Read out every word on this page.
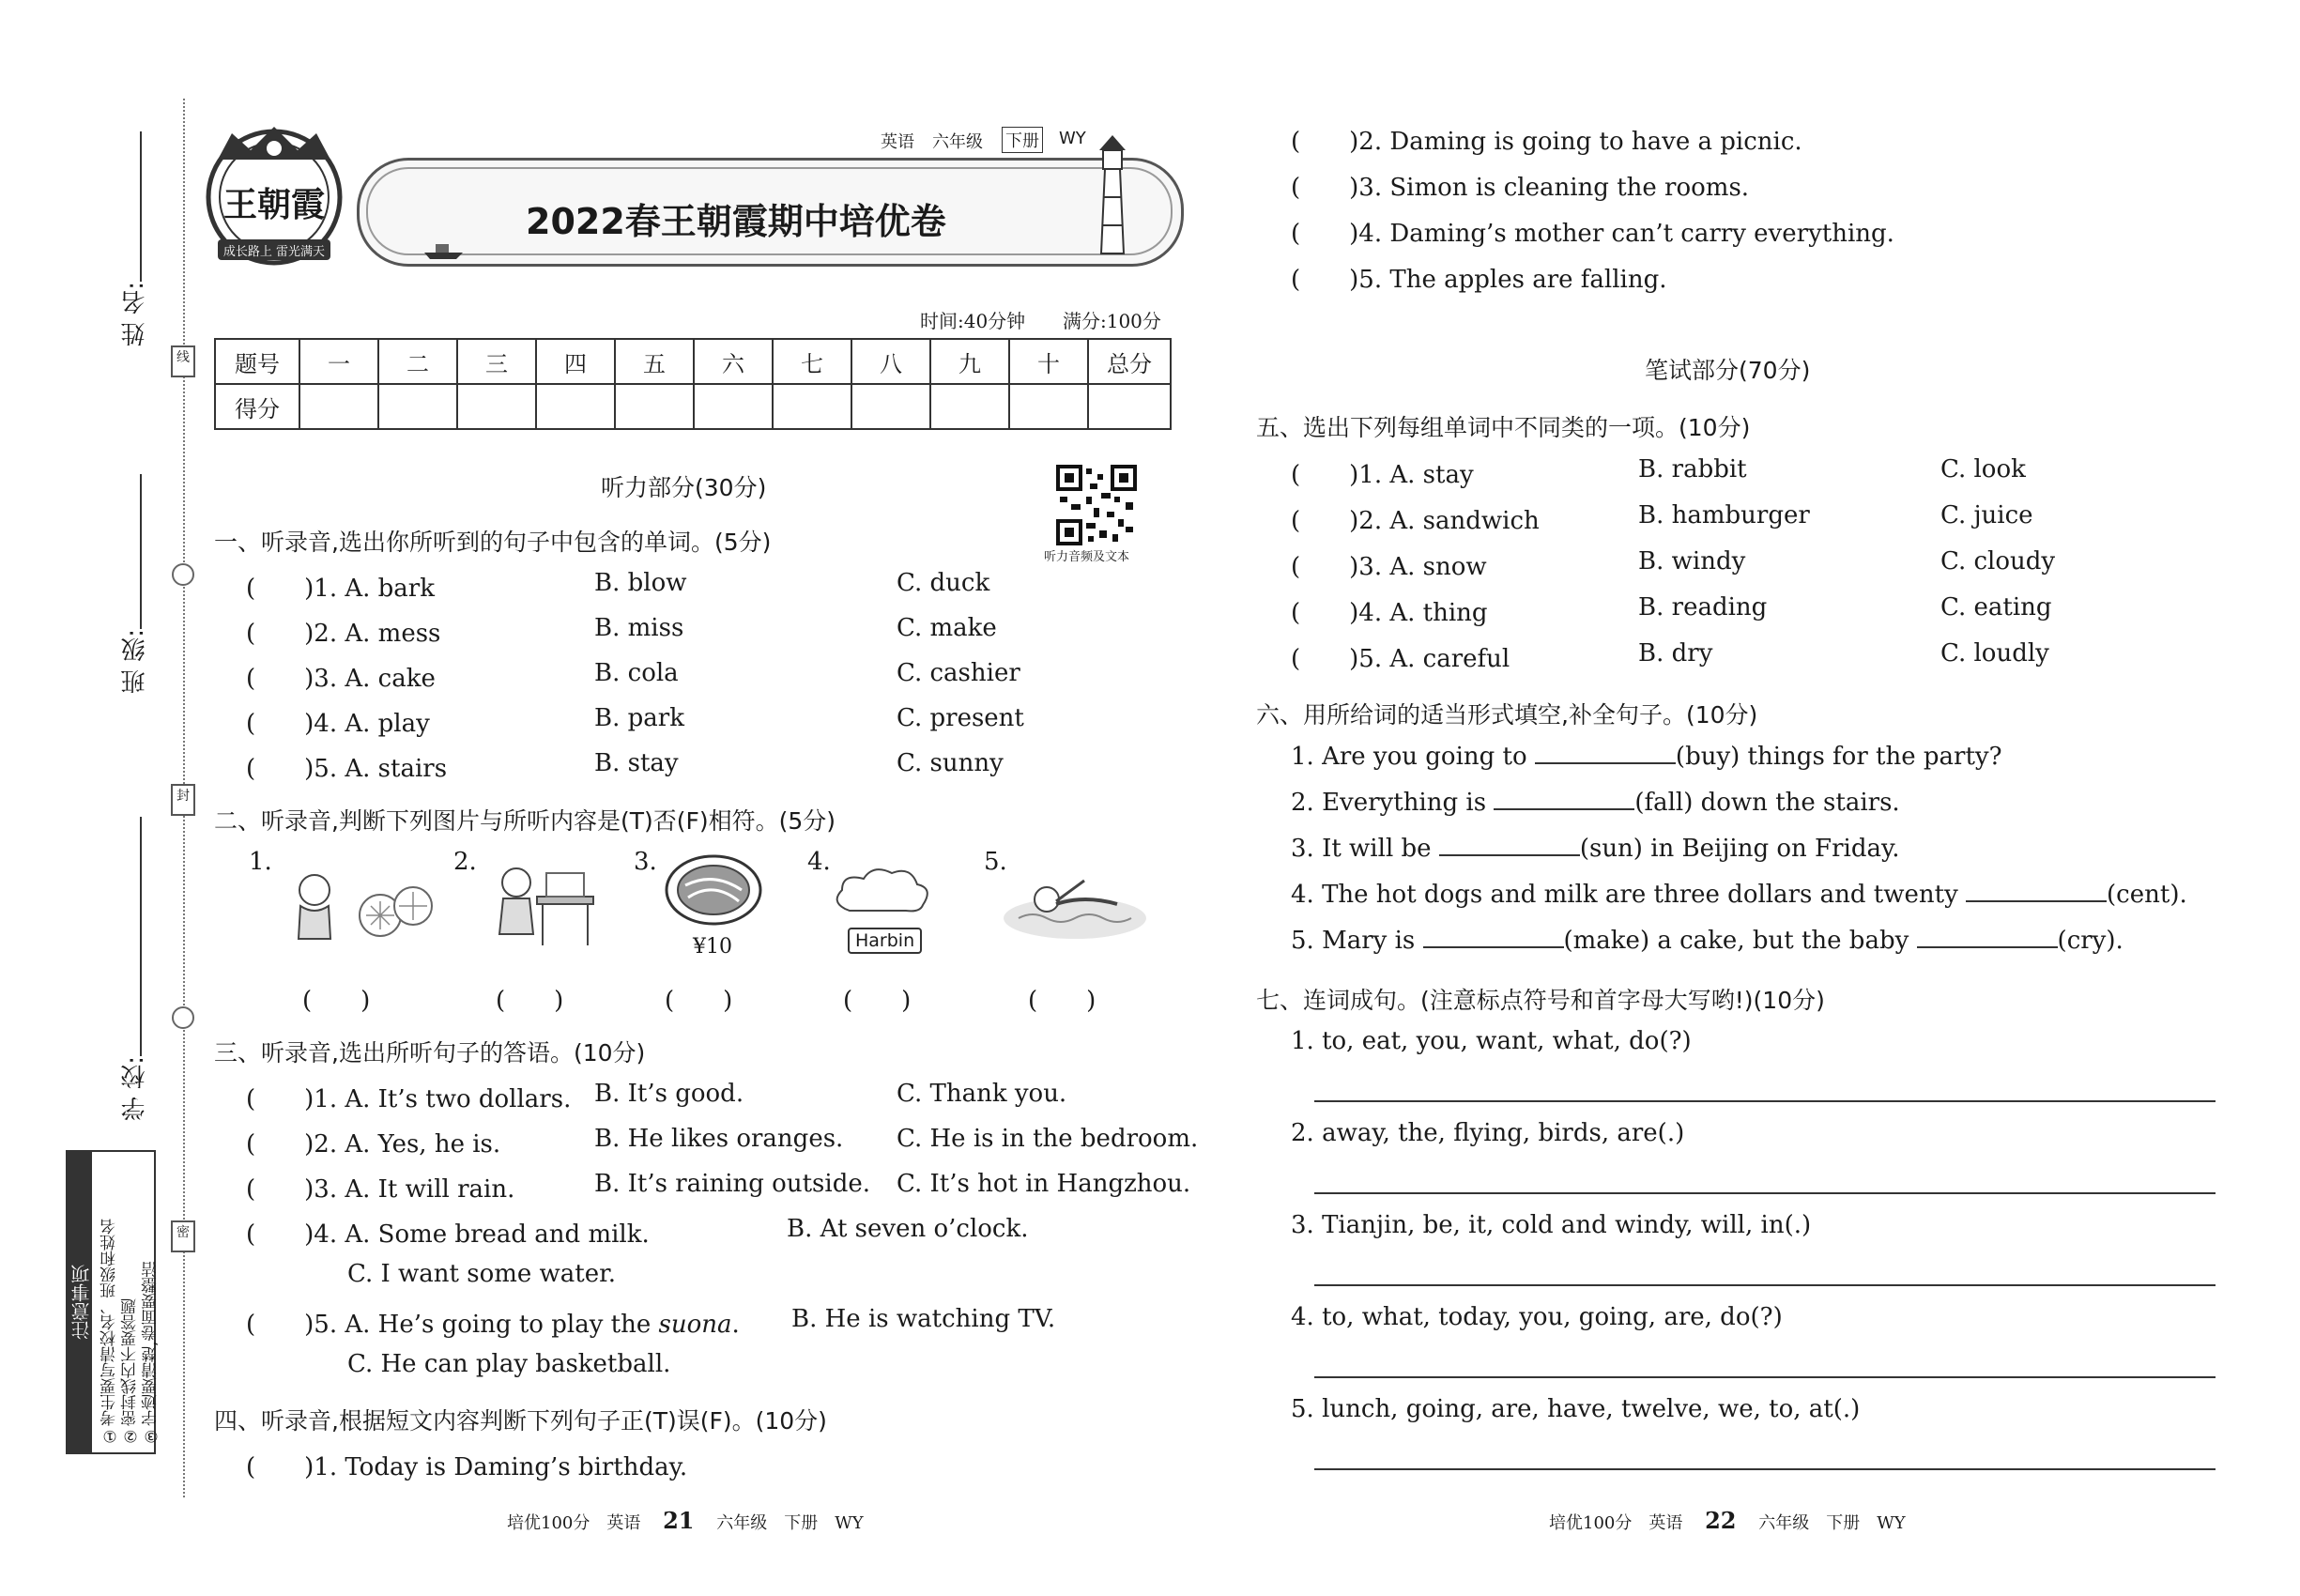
线
封
密
姓 名:
班 级:
学 校:
注意事项 ①考生要写清校名、班级和姓名 ②密封线内不要答题 ③字迹要清楚,卷面要整洁
王朝霞
成长路上 雷光满天
2022春王朝霞期中培优卷
英语 六年级 下册 WY
时间:40分钟 满分:100分
题号	一	二	三	四	五	六	七	八	九	十	总分
得分											
听力部分(30分)
听力音频及文本
一、听录音,选出你所听到的句子中包含的单词。(5分)
(　　)1. A. bark	B. blow	C. duck
(　　)2. A. mess	B. miss	C. make
(　　)3. A. cake	B. cola	C. cashier
(　　)4. A. play	B. park	C. present
(　　)5. A. stairs	B. stay	C. sunny
二、听录音,判断下列图片与所听内容是(T)否(F)相符。(5分)
1.	2.	3.	4.	5.
¥10	Harbin
(　　)	(　　)	(　　)	(　　)	(　　)
三、听录音,选出所听句子的答语。(10分)
(　　)1. A. It’s two dollars. B. It’s good.	C. Thank you.
(　　)2. A. Yes, he is.	B. He likes oranges. C. He is in the bedroom.
(　　)3. A. It will rain.	B. It’s raining outside. C. It’s hot in Hangzhou.
(　　)4. A. Some bread and milk.	B. At seven o’clock.
C. I want some water.
(　　)5. A. He’s going to play the suona. B. He is watching TV.
C. He can play basketball.
四、听录音,根据短文内容判断下列句子正(T)误(F)。(10分)
(　　)1. Today is Daming’s birthday.
培优100分　英语 21 六年级　下册　WY
(　　)2. Daming is going to have a picnic.
(　　)3. Simon is cleaning the rooms.
(　　)4. Daming’s mother can’t carry everything.
(　　)5. The apples are falling.
笔试部分(70分)
五、选出下列每组单词中不同类的一项。(10分)
(　　)1. A. stay	B. rabbit	C. look
(　　)2. A. sandwich	B. hamburger	C. juice
(　　)3. A. snow	B. windy	C. cloudy
(　　)4. A. thing	B. reading	C. eating
(　　)5. A. careful	B. dry	C. loudly
六、用所给词的适当形式填空,补全句子。(10分)
1. Are you going to	(buy) things for the party?
2. Everything is	(fall) down the stairs.
3. It will be	(sun) in Beijing on Friday.
4. The hot dogs and milk are three dollars and twenty	(cent).
5. Mary is	(make) a cake, but the baby	(cry).
七、连词成句。(注意标点符号和首字母大写哟!)(10分)
1. to, eat, you, want, what, do(?)
2. away, the, flying, birds, are(.)
3. Tianjin, be, it, cold and windy, will, in(.)
4. to, what, today, you, going, are, do(?)
5. lunch, going, are, have, twelve, we, to, at(.)
培优100分　英语 22 六年级　下册　WY
